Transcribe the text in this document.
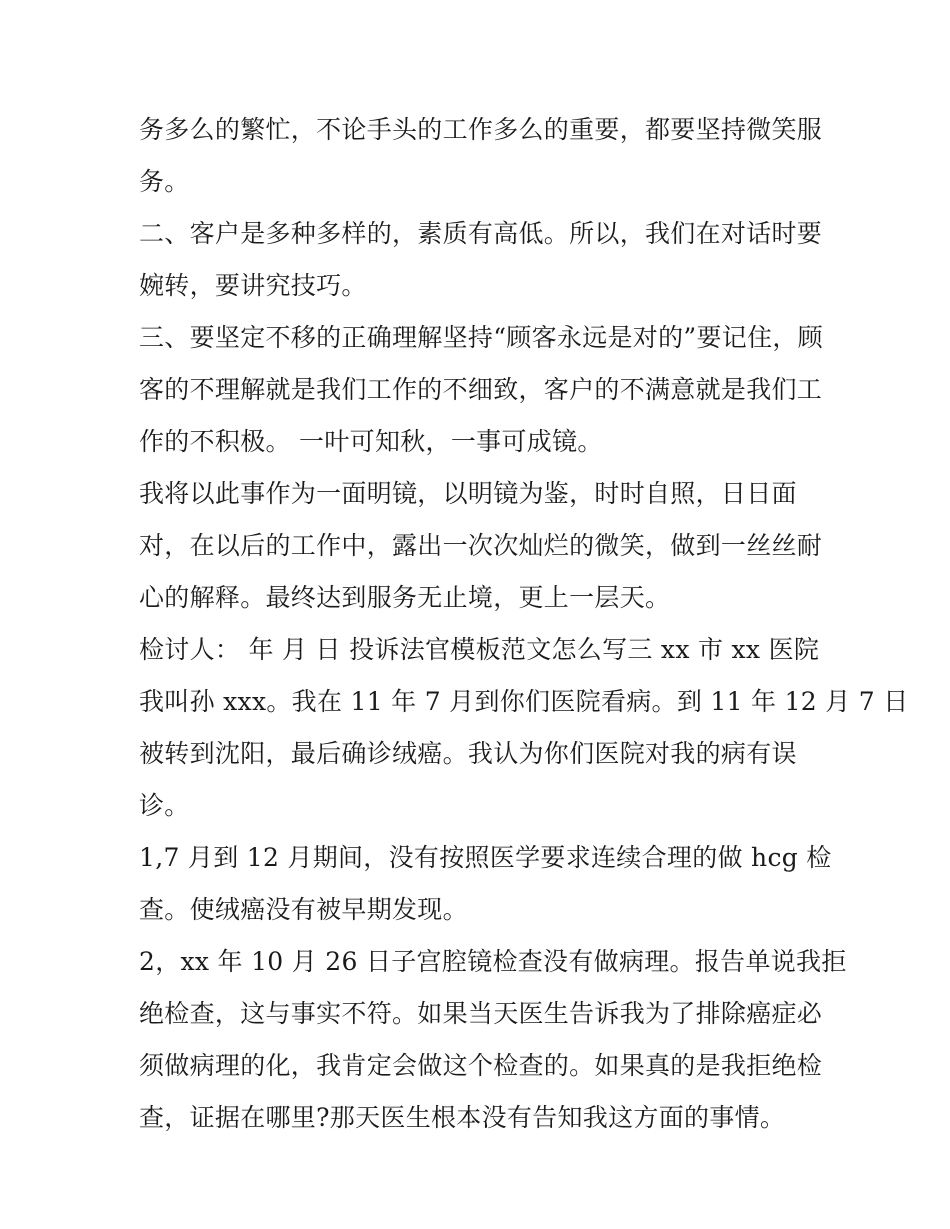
务多么的繁忙，不论手头的工作多么的重要，都要坚持微笑服
务。
二、客户是多种多样的，素质有高低。所以，我们在对话时要
婉转，要讲究技巧。
三、要坚定不移的正确理解坚持“顾客永远是对的”要记住，顾
客的不理解就是我们工作的不细致，客户的不满意就是我们工
作的不积极。 一叶可知秋，一事可成镜。
我将以此事作为一面明镜，以明镜为鉴，时时自照，日日面
对，在以后的工作中，露出一次次灿烂的微笑，做到一丝丝耐
心的解释。最终达到服务无止境，更上一层天。
检讨人： 年 月 日 投诉法官模板范文怎么写三 xx 市 xx 医院
我叫孙 xxx。我在 11 年 7 月到你们医院看病。到 11 年 12 月 7 日
被转到沈阳，最后确诊绒癌。我认为你们医院对我的病有误
诊。
1,7 月到 12 月期间，没有按照医学要求连续合理的做 hcg 检
查。使绒癌没有被早期发现。
2，xx 年 10 月 26 日子宫腔镜检查没有做病理。报告单说我拒
绝检查，这与事实不符。如果当天医生告诉我为了排除癌症必
须做病理的化，我肯定会做这个检查的。如果真的是我拒绝检
查，证据在哪里?那天医生根本没有告知我这方面的事情。
